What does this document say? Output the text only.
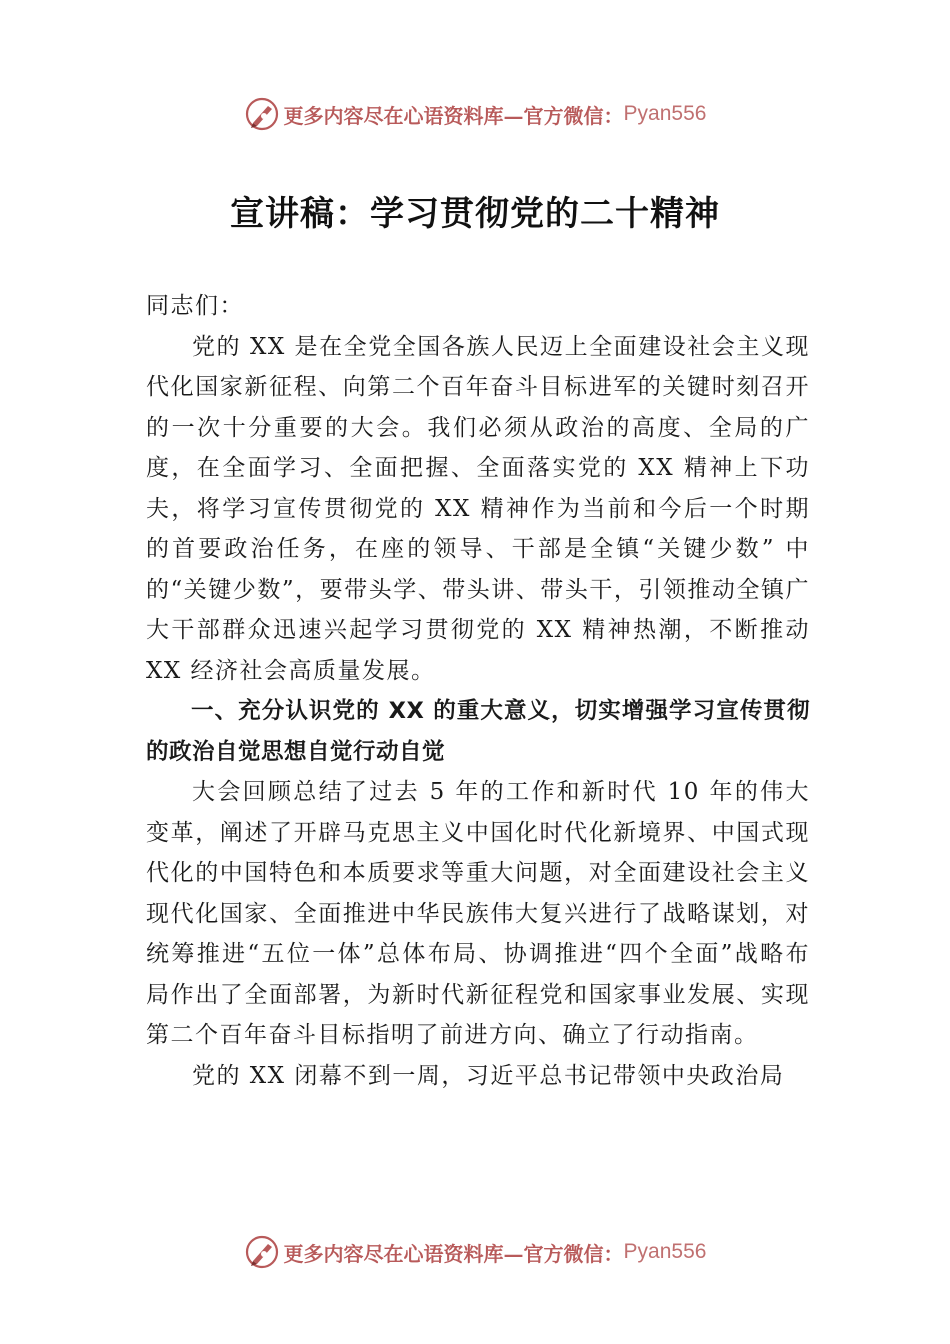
更多内容尽在心语资料库—官方微信： Pyan556
宣讲稿：学习贯彻党的二十精神

同志们：

党的 XX 是在全党全国各族人民迈上全面建设社会主义现代化国家新征程、向第二个百年奋斗目标进军的关键时刻召开的一次十分重要的大会。我们必须从政治的高度、全局的广度，在全面学习、全面把握、全面落实党的 XX 精神上下功夫，将学习宣传贯彻党的 XX 精神作为当前和今后一个时期的首要政治任务，在座的领导、干部是全镇“关键少数” 中的“关键少数”，要带头学、带头讲、带头干，引领推动全镇广大干部群众迅速兴起学习贯彻党的 XX 精神热潮，不断推动 XX 经济社会高质量发展。

一、充分认识党的 XX 的重大意义，切实增强学习宣传贯彻的政治自觉思想自觉行动自觉

大会回顾总结了过去 5 年的工作和新时代 10 年的伟大变革，阐述了开辟马克思主义中国化时代化新境界、中国式现代化的中国特色和本质要求等重大问题，对全面建设社会主义现代化国家、全面推进中华民族伟大复兴进行了战略谋划，对统筹推进“五位一体”总体布局、协调推进“四个全面”战略布局作出了全面部署，为新时代新征程党和国家事业发展、实现第二个百年奋斗目标指明了前进方向、确立了行动指南。

党的 XX 闭幕不到一周，习近平总书记带领中央政治局

更多内容尽在心语资料库—官方微信： Pyan556
